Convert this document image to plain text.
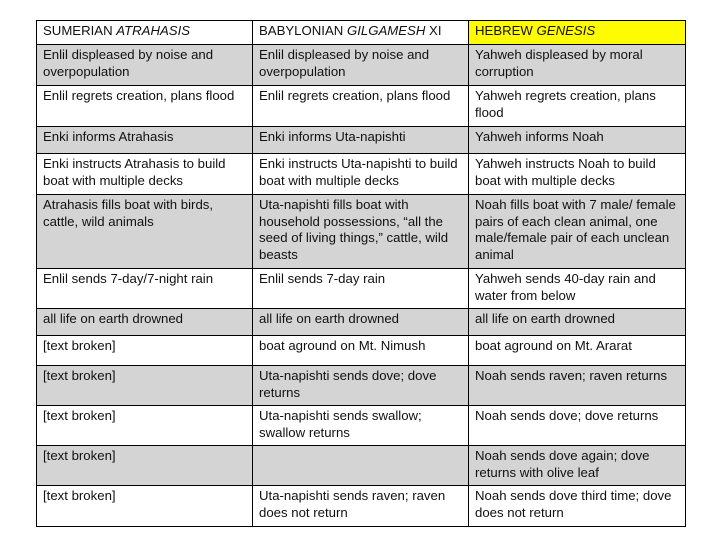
SUMERIAN ATRAHASIS	BABYLONIAN GILGAMESH XI	HEBREW GENESIS
Enlil displeased by noise and overpopulation	Enlil displeased by noise and overpopulation	Yahweh displeased by moral corruption
Enlil regrets creation, plans flood	Enlil regrets creation, plans flood	Yahweh regrets creation, plans flood
Enki informs Atrahasis	Enki informs Uta-napishti	Yahweh informs Noah
Enki instructs Atrahasis to build boat with multiple decks	Enki instructs Uta-napishti to build boat with multiple decks	Yahweh instructs Noah to build boat with multiple decks
Atrahasis fills boat with birds, cattle, wild animals	Uta-napishti fills boat with household possessions, “all the seed of living things,” cattle, wild beasts	Noah fills boat with 7 male/ female pairs of each clean animal, one male/female pair of each unclean animal
Enlil sends 7-day/7-night rain	Enlil sends 7-day rain	Yahweh sends 40-day rain and water from below
all life on earth drowned	all life on earth drowned	all life on earth drowned
[text broken]	boat aground on Mt. Nimush	boat aground on Mt. Ararat
[text broken]	Uta-napishti sends dove; dove returns	Noah sends raven; raven returns
[text broken]	Uta-napishti sends swallow; swallow returns	Noah sends dove; dove returns
[text broken]		Noah sends dove again; dove returns with olive leaf
[text broken]	Uta-napishti sends raven; raven does not return	Noah sends dove third time; dove does not return
